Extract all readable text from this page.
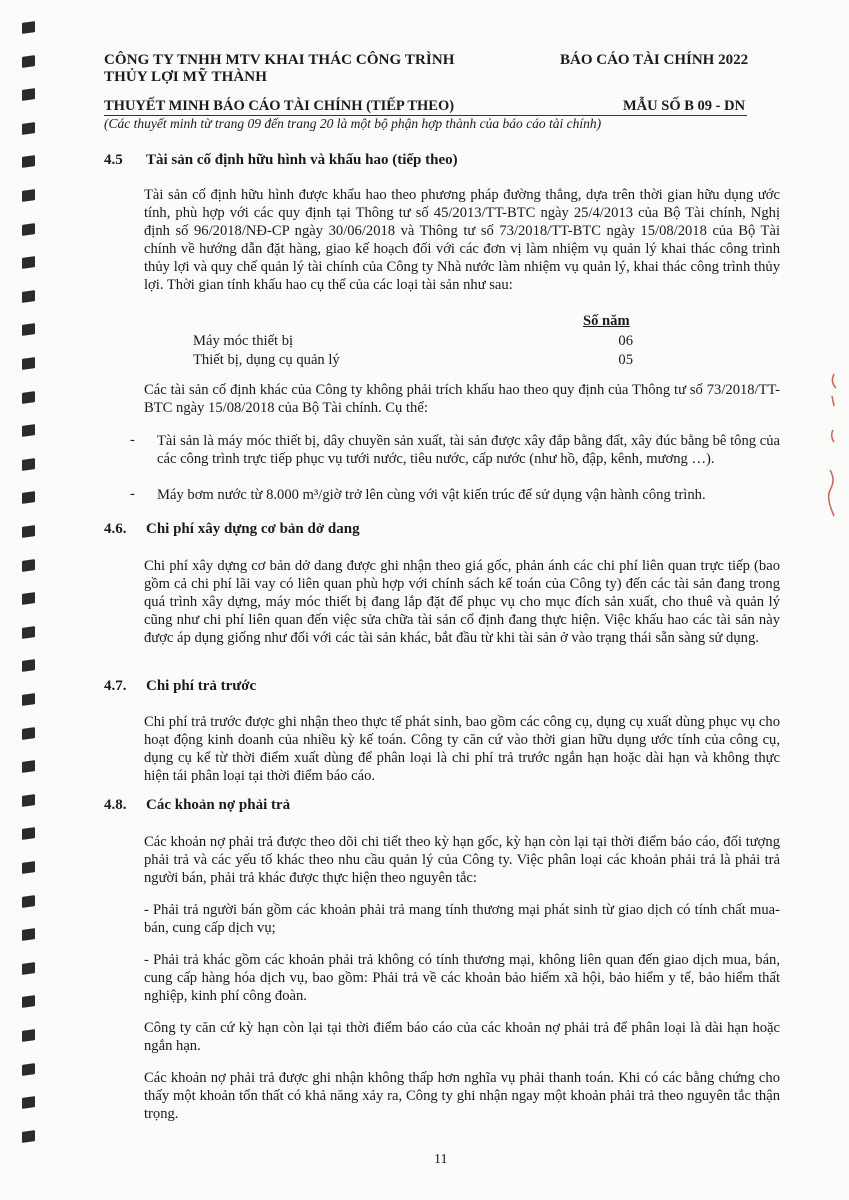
CÔNG TY TNHH MTV KHAI THÁC CÔNG TRÌNH
THỦY LỢI MỸ THÀNH
BÁO CÁO TÀI CHÍNH 2022
THUYẾT MINH BÁO CÁO TÀI CHÍNH (TIẾP THEO)	MẪU SỐ B 09 - DN
(Các thuyết minh từ trang 09 đến trang 20 là một bộ phận hợp thành của báo cáo tài chính)
4.5 Tài sản cố định hữu hình và khấu hao (tiếp theo)

Tài sản cố định hữu hình được khấu hao theo phương pháp đường thẳng, dựa trên thời gian hữu dụng ước tính, phù hợp với các quy định tại Thông tư số 45/2013/TT-BTC ngày 25/4/2013 của Bộ Tài chính, Nghị định số 96/2018/NĐ-CP ngày 30/06/2018 và Thông tư số 73/2018/TT-BTC ngày 15/08/2018 của Bộ Tài chính về hướng dẫn đặt hàng, giao kế hoạch đối với các đơn vị làm nhiệm vụ quản lý khai thác công trình thủy lợi và quy chế quản lý tài chính của Công ty Nhà nước làm nhiệm vụ quản lý, khai thác công trình thủy lợi. Thời gian tính khấu hao cụ thể của các loại tài sản như sau:

Số năm
Máy móc thiết bị	06
Thiết bị, dụng cụ quản lý	05

Các tài sản cố định khác của Công ty không phải trích khấu hao theo quy định của Thông tư số 73/2018/TT-BTC ngày 15/08/2018 của Bộ Tài chính. Cụ thể:

- Tài sản là máy móc thiết bị, dây chuyền sản xuất, tài sản được xây đắp bằng đất, xây đúc bằng bê tông của các công trình trực tiếp phục vụ tưới nước, tiêu nước, cấp nước (như hồ, đập, kênh, mương …).

- Máy bơm nước từ 8.000 m³/giờ trở lên cùng với vật kiến trúc để sử dụng vận hành công trình.

4.6. Chi phí xây dựng cơ bản dở dang

Chi phí xây dựng cơ bản dở dang được ghi nhận theo giá gốc, phản ánh các chi phí liên quan trực tiếp (bao gồm cả chi phí lãi vay có liên quan phù hợp với chính sách kế toán của Công ty) đến các tài sản đang trong quá trình xây dựng, máy móc thiết bị đang lắp đặt để phục vụ cho mục đích sản xuất, cho thuê và quản lý cũng như chi phí liên quan đến việc sửa chữa tài sản cố định đang thực hiện. Việc khấu hao các tài sản này được áp dụng giống như đối với các tài sản khác, bắt đầu từ khi tài sản ở vào trạng thái sẵn sàng sử dụng.

4.7. Chi phí trả trước

Chi phí trả trước được ghi nhận theo thực tế phát sinh, bao gồm các công cụ, dụng cụ xuất dùng phục vụ cho hoạt động kinh doanh của nhiều kỳ kế toán. Công ty căn cứ vào thời gian hữu dụng ước tính của công cụ, dụng cụ kể từ thời điểm xuất dùng để phân loại là chi phí trả trước ngắn hạn hoặc dài hạn và không thực hiện tái phân loại tại thời điểm báo cáo.

4.8. Các khoản nợ phải trả

Các khoản nợ phải trả được theo dõi chi tiết theo kỳ hạn gốc, kỳ hạn còn lại tại thời điểm báo cáo, đối tượng phải trả và các yếu tố khác theo nhu cầu quản lý của Công ty. Việc phân loại các khoản phải trả là phải trả người bán, phải trả khác được thực hiện theo nguyên tắc:

- Phải trả người bán gồm các khoản phải trả mang tính thương mại phát sinh từ giao dịch có tính chất mua-bán, cung cấp dịch vụ;

- Phải trả khác gồm các khoản phải trả không có tính thương mại, không liên quan đến giao dịch mua, bán, cung cấp hàng hóa dịch vụ, bao gồm: Phải trả về các khoản bảo hiểm xã hội, bảo hiểm y tế, bảo hiểm thất nghiệp, kinh phí công đoàn.

Công ty căn cứ kỳ hạn còn lại tại thời điểm báo cáo của các khoản nợ phải trả để phân loại là dài hạn hoặc ngắn hạn.

Các khoản nợ phải trả được ghi nhận không thấp hơn nghĩa vụ phải thanh toán. Khi có các bằng chứng cho thấy một khoản tổn thất có khả năng xảy ra, Công ty ghi nhận ngay một khoản phải trả theo nguyên tắc thận trọng.

11
